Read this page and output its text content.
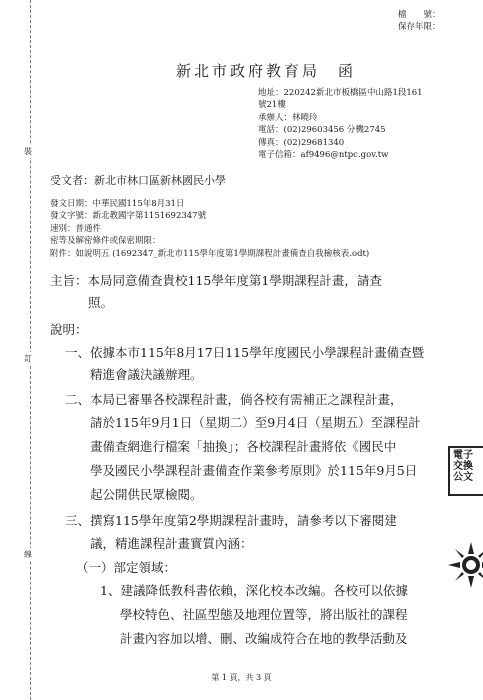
裝
訂
線
檔　　號：
保存年限：
新北市政府教育局　函
地址：220242新北市板橋區中山路1段161
號21樓
承辦人：林曉玲
電話：(02)29603456 分機2745
傳真：(02)29681340
電子信箱：af9496@ntpc.gov.tw
受文者：新北市林口區新林國民小學
發文日期：中華民國115年8月31日
發文字號：新北教國字第1151692347號
速別：普通件
密等及解密條件或保密期限：
附件：如說明五 (1692347_新北市115學年度第1學期課程計畫備查自我檢核表.odt)
主旨：本局同意備查貴校115學年度第1學期課程計畫，請查
照。
說明：
一、依據本市115年8月17日115學年度國民小學課程計畫備查暨
精進會議決議辦理。
二、本局已審畢各校課程計畫，倘各校有需補正之課程計畫，
請於115年9月1日（星期二）至9月4日（星期五）至課程計
畫備查網進行檔案「抽換」；各校課程計畫將依《國民中
學及國民小學課程計畫備查作業參考原則》於115年9月5日
起公開供民眾檢閱。
三、撰寫115學年度第2學期課程計畫時，請參考以下審閱建
議，精進課程計畫實質內涵：
（一）部定領域：
1、建議降低教科書依賴，深化校本改編。各校可以依據
學校特色、社區型態及地理位置等，將出版社的課程
計畫內容加以增、刪、改編成符合在地的教學活動及
電子
交換
公文
第 1 頁，共 3 頁
